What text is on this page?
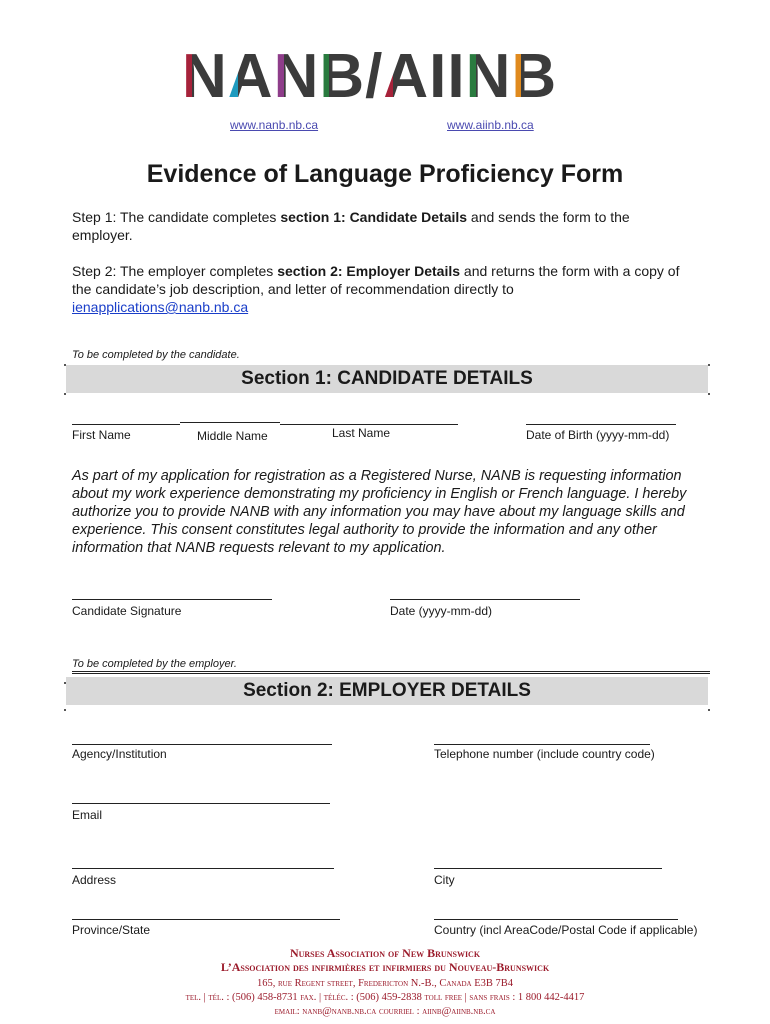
NANB/AIINB
www.nanb.nb.ca	www.aiinb.nb.ca
Evidence of Language Proficiency Form
Step 1: The candidate completes section 1: Candidate Details and sends the form to the employer.
Step 2: The employer completes section 2: Employer Details and returns the form with a copy of the candidate’s job description, and letter of recommendation directly to
ienapplications@nanb.nb.ca
To be completed by the candidate.
Section 1: CANDIDATE DETAILS
First Name	Middle Name	Last Name	Date of Birth (yyyy-mm-dd)
As part of my application for registration as a Registered Nurse, NANB is requesting information about my work experience demonstrating my proficiency in English or French language. I hereby authorize you to provide NANB with any information you may have about my language skills and experience. This consent constitutes legal authority to provide the information and any other information that NANB requests relevant to my application.
Candidate Signature	Date (yyyy-mm-dd)
To be completed by the employer.
Section 2: EMPLOYER DETAILS
Agency/Institution	Telephone number (include country code)
Email
Address	City
Province/State	Country (incl AreaCode/Postal Code if applicable)
Nurses Association of New Brunswick
L’Association des infirmières et infirmiers du Nouveau-Brunswick
165, rue Regent street, Fredericton N.-B., Canada E3B 7B4
tel. | tél. : (506) 458-8731 fax. | téléc. : (506) 459-2838 toll free | sans frais : 1 800 442-4417
email: nanb@nanb.nb.ca courriel : aiinb@aiinb.nb.ca
